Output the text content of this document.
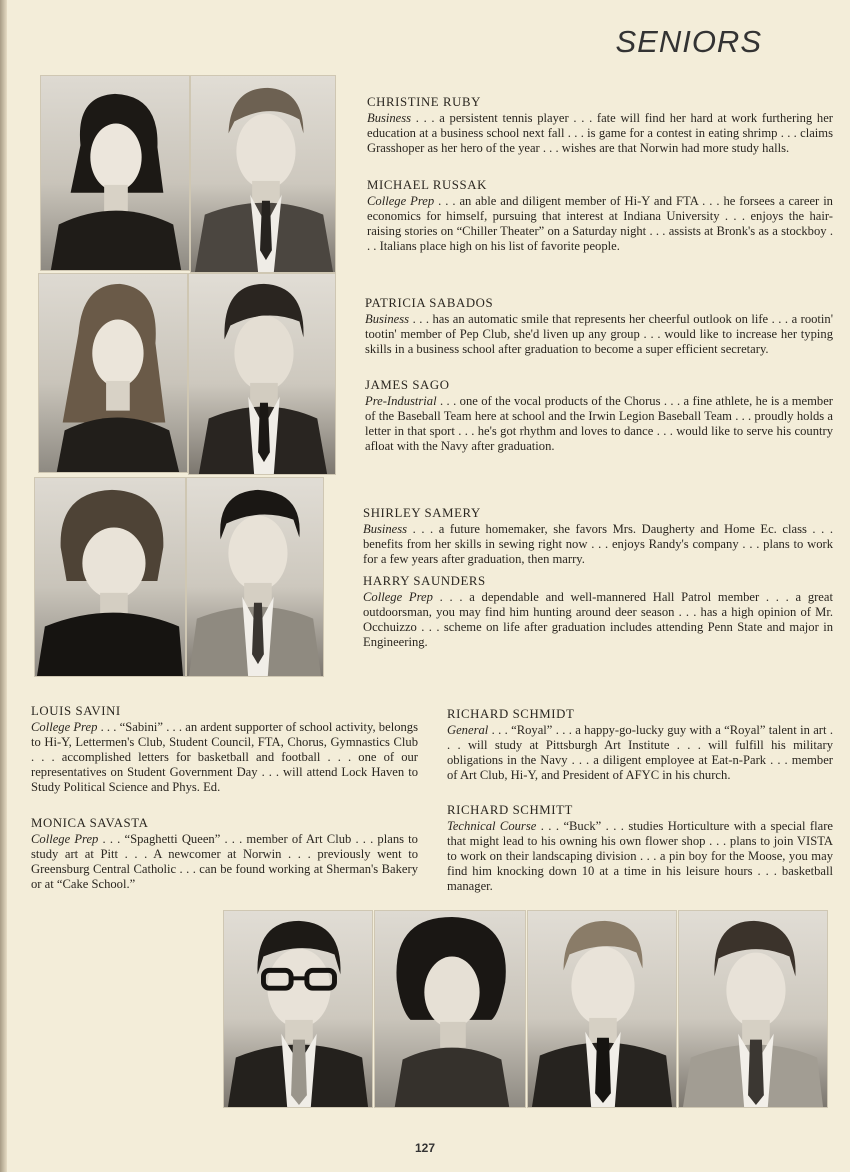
SENIORS
CHRISTINE RUBY
Business . . . a persistent tennis player . . . fate will find her hard at work furthering her education at a business school next fall . . . is game for a contest in eating shrimp . . . claims Grasshoper as her hero of the year . . . wishes are that Norwin had more study halls.
MICHAEL RUSSAK
College Prep . . . an able and diligent member of Hi-Y and FTA . . . he forsees a career in economics for himself, pursuing that interest at Indiana University . . . enjoys the hair-raising stories on “Chiller Theater” on a Saturday night . . . assists at Bronk's as a stockboy . . . Italians place high on his list of favorite people.
PATRICIA SABADOS
Business . . . has an automatic smile that represents her cheerful outlook on life . . . a rootin' tootin' member of Pep Club, she'd liven up any group . . . would like to increase her typing skills in a business school after graduation to become a super efficient secretary.
JAMES SAGO
Pre-Industrial . . . one of the vocal products of the Chorus . . . a fine athlete, he is a member of the Baseball Team here at school and the Irwin Legion Baseball Team . . . proudly holds a letter in that sport . . . he's got rhythm and loves to dance . . . would like to serve his country afloat with the Navy after graduation.
SHIRLEY SAMERY
Business . . . a future homemaker, she favors Mrs. Daugherty and Home Ec. class . . . benefits from her skills in sewing right now . . . enjoys Randy's company . . . plans to work for a few years after graduation, then marry.
HARRY SAUNDERS
College Prep . . . a dependable and well-mannered Hall Patrol member . . . a great outdoorsman, you may find him hunting around deer season . . . has a high opinion of Mr. Occhuizzo . . . scheme on life after graduation includes attending Penn State and major in Engineering.
LOUIS SAVINI
College Prep . . . “Sabini” . . . an ardent supporter of school activity, belongs to Hi-Y, Lettermen's Club, Student Council, FTA, Chorus, Gymnastics Club . . . accomplished letters for basketball and football . . . one of our representatives on Student Government Day . . . will attend Lock Haven to Study Political Science and Phys. Ed.
MONICA SAVASTA
College Prep . . . “Spaghetti Queen” . . . member of Art Club . . . plans to study art at Pitt . . . A newcomer at Norwin . . . previously went to Greensburg Central Catholic . . . can be found working at Sherman's Bakery or at “Cake School.”
RICHARD SCHMIDT
General . . . “Royal” . . . a happy-go-lucky guy with a “Royal” talent in art . . . will study at Pittsburgh Art Institute . . . will fulfill his military obligations in the Navy . . . a diligent employee at Eat-n-Park . . . member of Art Club, Hi-Y, and President of AFYC in his church.
RICHARD SCHMITT
Technical Course . . . “Buck” . . . studies Horticulture with a special flare that might lead to his owning his own flower shop . . . plans to join VISTA to work on their landscaping division . . . a pin boy for the Moose, you may find him knocking down 10 at a time in his leisure hours . . . basketball manager.
127
